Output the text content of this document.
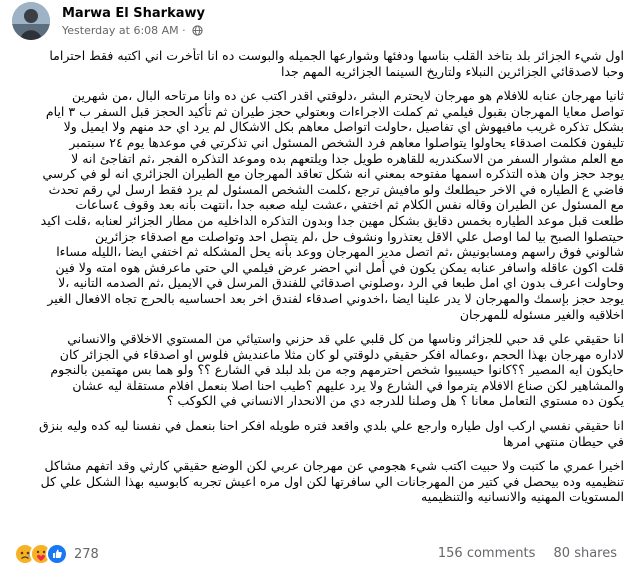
Marwa El Sharkawy
Yesterday at 6:08 AM ·

اول شيء الجزائر بلد بتاخد القلب بناسها ودفئها وشوارعها الجميله والبوست ده انا اتأخرت اني اكتبه فقط احتراما
وحبا لاصدقائي الجزائرين النبلاء ولتاريخ السينما الجزائريه المهم جدا

ثانيا مهرجان عنابه للافلام هو مهرجان لايحترم البشر ،دلوقتي اقدر اكتب عن ده وانا مرتاحه البال ،من شهرين
تواصل معايا المهرجان بقبول فيلمي ثم كملت الاجراءات وبعتولي حجز طيران ثم تأكيد الحجز قبل السفر ب ٣ ايام
بشكل تذكره غريب مافيهوش اي تفاصيل ،حاولت اتواصل معاهم بكل الاشكال لم يرد اي حد منهم ولا ايميل ولا
تليفون فكلمت اصدقاء يحاولوا يتواصلوا معاهم فرد الشخص المسئول اني تذكرتي في موعدها يوم ٢٤ سبتمبر
مع العلم مشوار السفر من الاسكندريه للقاهره طويل جدا ويلتعهم بده وموعد التذكره الفجر ،ثم اتفاجئ انه لا
يوجد حجز وان هذه التذكره اسمها مفتوحه بمعني انه شكل تعاقد المهرجان مع الطيران الجزائري انه لو في كرسي
فاضي ع الطياره في الاخر حيطلعك ولو مافيش ترجع ،كلمت الشخص المسئول لم يرد فقط ارسل لي رقم تحدث
مع المسئول عن الطيران وقاله نفس الكلام ثم اختفي ،عشت ليله صعبه جدا ،انتهت بأنه بعد وقوف ٤ساعات
طلعت قبل موعد الطياره بخمس دقايق بشكل مهين جدا وبدون التذكره الداخليه من مطار الجزائر لعنابه ،قلت اكيد
حيتصلوا الصبح بيا لما اوصل علي الاقل يعتذروا ونشوف حل ،لم يتصل احد وتواصلت مع اصدقاء جزائرين
شالوني فوق راسهم ومسابونيش ،ثم اتصل مدير المهرجان ووعد بأنه يحل المشكله ثم اختفي ايضا ،الليله مساءا
قلت اكون عاقله واسافر عنابه يمكن يكون في أمل اني احضر عرض فيلمي الي حتي ماعرفش هوه امته ولا فين
وحاولت اعرف بدون اي امل طبعا في الرد ،وصلوني اصدقائي للفندق المرسل في الايميل ،ثم الصدمه التانيه ،لا
يوجد حجز بإسمك والمهرجان لا يدر علينا ايضا ،اخدوني اصدقاء لفندق اخر بعد احساسيه بالحرج تجاه الافعال الغير
اخلاقيه والغير مسئوله للمهرجان

انا حقيقي علي قد حبي للجزائر وناسها من كل قلبي علي قد حزني واستيائي من المستوي الاخلاقي والانساني
لاداره مهرجان بهذا الحجم ،وعماله افكر حقيقي دلوقتي لو كان مثلا ماعنديش فلوس او اصدقاء في الجزائر كان
حايكون ايه المصير ؟؟كانوا حيسيبوا شخص احترمهم وجه من بلد لبلد في الشارع ؟؟ ولو هما بس مهتمين بالنجوم
والمشاهير لكن صناع الافلام يترموا في الشارع ولا يرد عليهم ؟طيب احنا اصلا بنعمل افلام مستقلة ليه عشان
يكون ده مستوي التعامل معانا ؟ هل وصلنا للدرجه دي من الانحدار الانساني في الكوكب ؟

انا حقيقي نفسي اركب اول طياره وارجع علي بلدي واقعد فتره طويله افكر احنا بنعمل في نفسنا ليه كده وليه بنزق
في حيطان منتهي امرها

اخيرا عمري ما كتبت ولا حبيت اكتب شيء هجومي عن مهرجان عربي لكن الوضع حقيقي كارثي وقد اتفهم مشاكل
تنظيميه وده بيحصل في كتير من المهرجانات الي سافرتها لكن اول مره اعيش تجربه كابوسيه بهذا الشكل علي كل
المستويات المهنيه والانسانيه والتنظيميه

278	156 comments 80 shares
